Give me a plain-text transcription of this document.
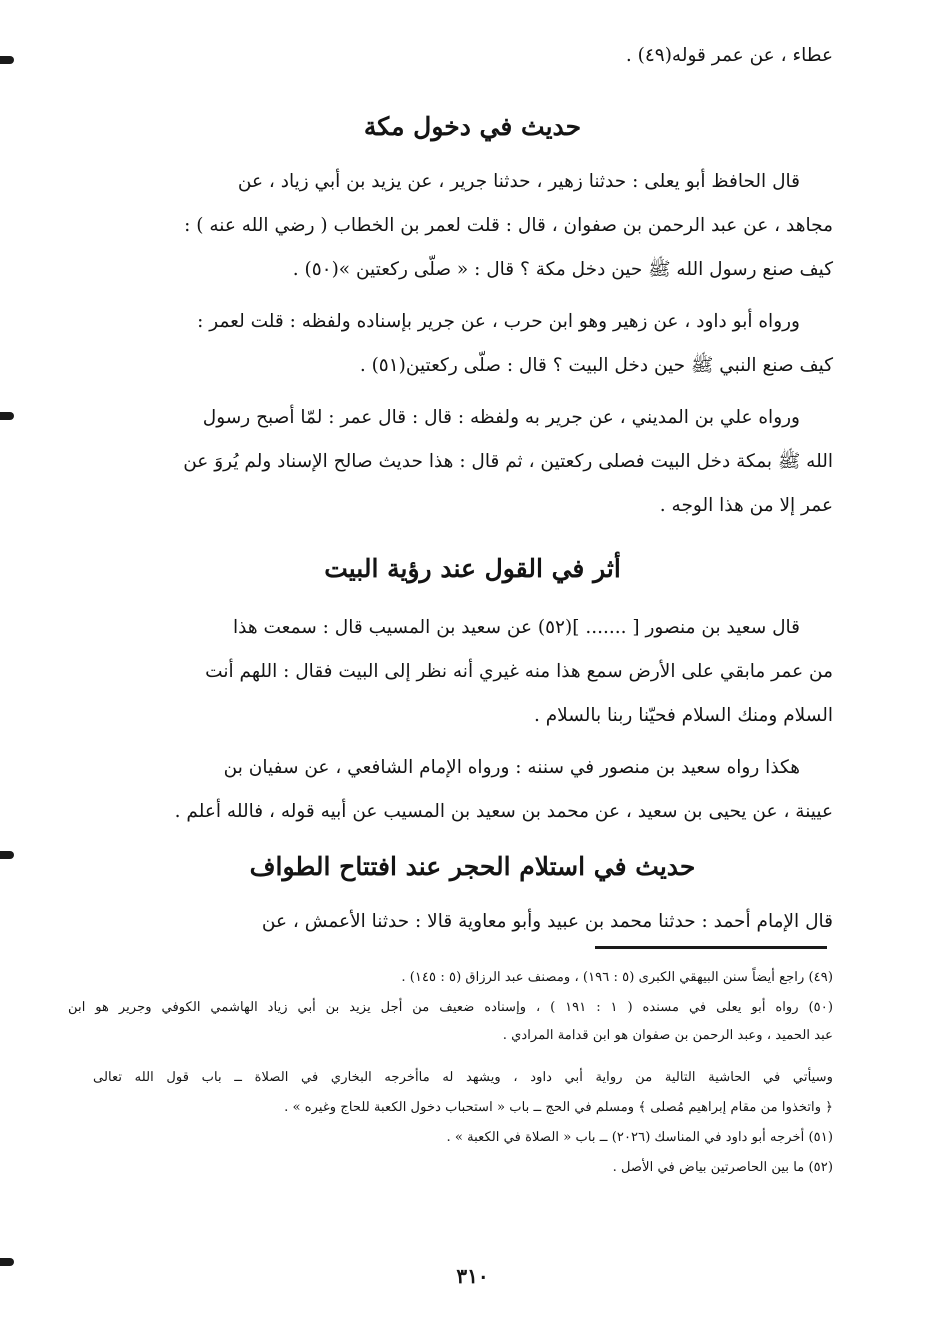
عطاء ، عن عمر قوله(٤٩) .
حديث في دخول مكة
قال الحافظ أبو يعلى : حدثنا زهير ، حدثنا جرير ، عن يزيد بن أبي زياد ، عن
مجاهد ، عن عبد الرحمن بن صفوان ، قال : قلت لعمر بن الخطاب ( رضي الله عنه ) :
كيف صنع رسول الله ﷺ حين دخل مكة ؟ قال : « صلّى ركعتين »(٥٠) .
ورواه أبو داود ، عن زهير وهو ابن حرب ، عن جرير بإسناده ولفظه : قلت لعمر :
كيف صنع النبي ﷺ حين دخل البيت ؟ قال : صلّى ركعتين(٥١) .
ورواه علي بن المديني ، عن جرير به ولفظه : قال : قال عمر : لمّا أصبح رسول
الله ﷺ بمكة دخل البيت فصلى ركعتين ، ثم قال : هذا حديث صالح الإسناد ولم يُروَ عن
عمر إلا من هذا الوجه .
أثر في القول عند رؤية البيت
قال سعيد بن منصور [ ....... ](٥٢) عن سعيد بن المسيب قال : سمعت هذا
من عمر مابقي على الأرض سمع هذا منه غيري أنه نظر إلى البيت فقال : اللهم أنت
السلام ومنك السلام فحيّنا ربنا بالسلام .
هكذا رواه سعيد بن منصور في سننه : ورواه الإمام الشافعي ، عن سفيان بن
عيينة ، عن يحيى بن سعيد ، عن محمد بن سعيد بن المسيب عن أبيه قوله ، فالله أعلم .
حديث في استلام الحجر عند افتتاح الطواف
قال الإمام أحمد : حدثنا محمد بن عبيد وأبو معاوية قالا : حدثنا الأعمش ، عن
(٤٩) راجع أيضاً سنن البيهقي الكبرى (٥ : ١٩٦) ، ومصنف عبد الرزاق (٥ : ١٤٥) .
(٥٠) رواه أبو يعلى في مسنده ( ١ : ١٩١ ) ، وإسناده ضعيف من أجل يزيد بن أبي زياد الهاشمي الكوفي وجرير هو ابن
عبد الحميد ، وعبد الرحمن بن صفوان هو ابن قدامة المرادي .
وسيأتي في الحاشية التالية من رواية أبي داود ، ويشهد له ماأخرجه البخاري في الصلاة ــ باب قول الله تعالى
﴿ واتخذوا من مقام إبراهيم مُصلى ﴾ ومسلم في الحج ــ باب « استحباب دخول الكعبة للحاج وغيره » .
(٥١) أخرجه أبو داود في المناسك (٢٠٢٦) ــ باب « الصلاة في الكعبة » .
(٥٢) ما بين الحاصرتين بياض في الأصل .
٣١٠
